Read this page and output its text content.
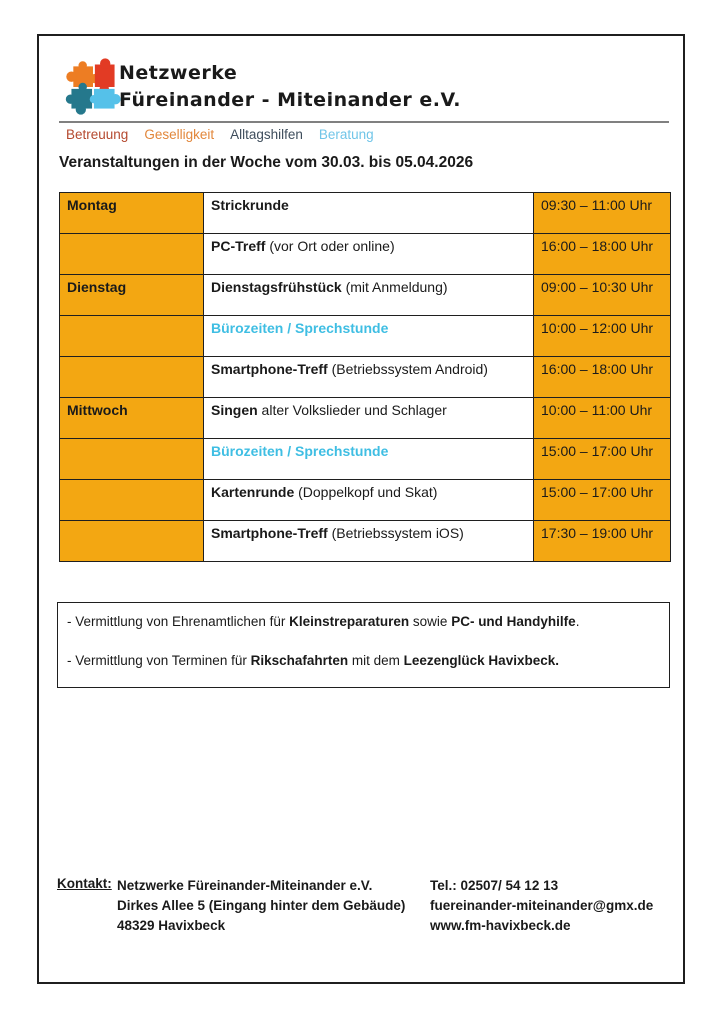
Netzwerke
Füreinander - Miteinander e.V.
Betreuung Geselligkeit Alltagshilfen Beratung
Veranstaltungen in der Woche vom 30.03. bis 05.04.2026
Montag	Strickrunde	09:30 – 11:00 Uhr
	PC-Treff (vor Ort oder online)	16:00 – 18:00 Uhr
Dienstag	Dienstagsfrühstück (mit Anmeldung)	09:00 – 10:30 Uhr
	Bürozeiten / Sprechstunde	10:00 – 12:00 Uhr
	Smartphone-Treff (Betriebssystem Android)	16:00 – 18:00 Uhr
Mittwoch	Singen alter Volkslieder und Schlager	10:00 – 11:00 Uhr
	Bürozeiten / Sprechstunde	15:00 – 17:00 Uhr
	Kartenrunde (Doppelkopf und Skat)	15:00 – 17:00 Uhr
	Smartphone-Treff (Betriebssystem iOS)	17:30 – 19:00 Uhr

- Vermittlung von Ehrenamtlichen für Kleinstreparaturen sowie PC- und Handyhilfe.

- Vermittlung von Terminen für Rikschafahrten mit dem Leezenglück Havixbeck.

Kontakt: Netzwerke Füreinander-Miteinander e.V.
Dirkes Allee 5 (Eingang hinter dem Gebäude)
48329 Havixbeck
Tel.: 02507/ 54 12 13
fuereinander-miteinander@gmx.de
www.fm-havixbeck.de
